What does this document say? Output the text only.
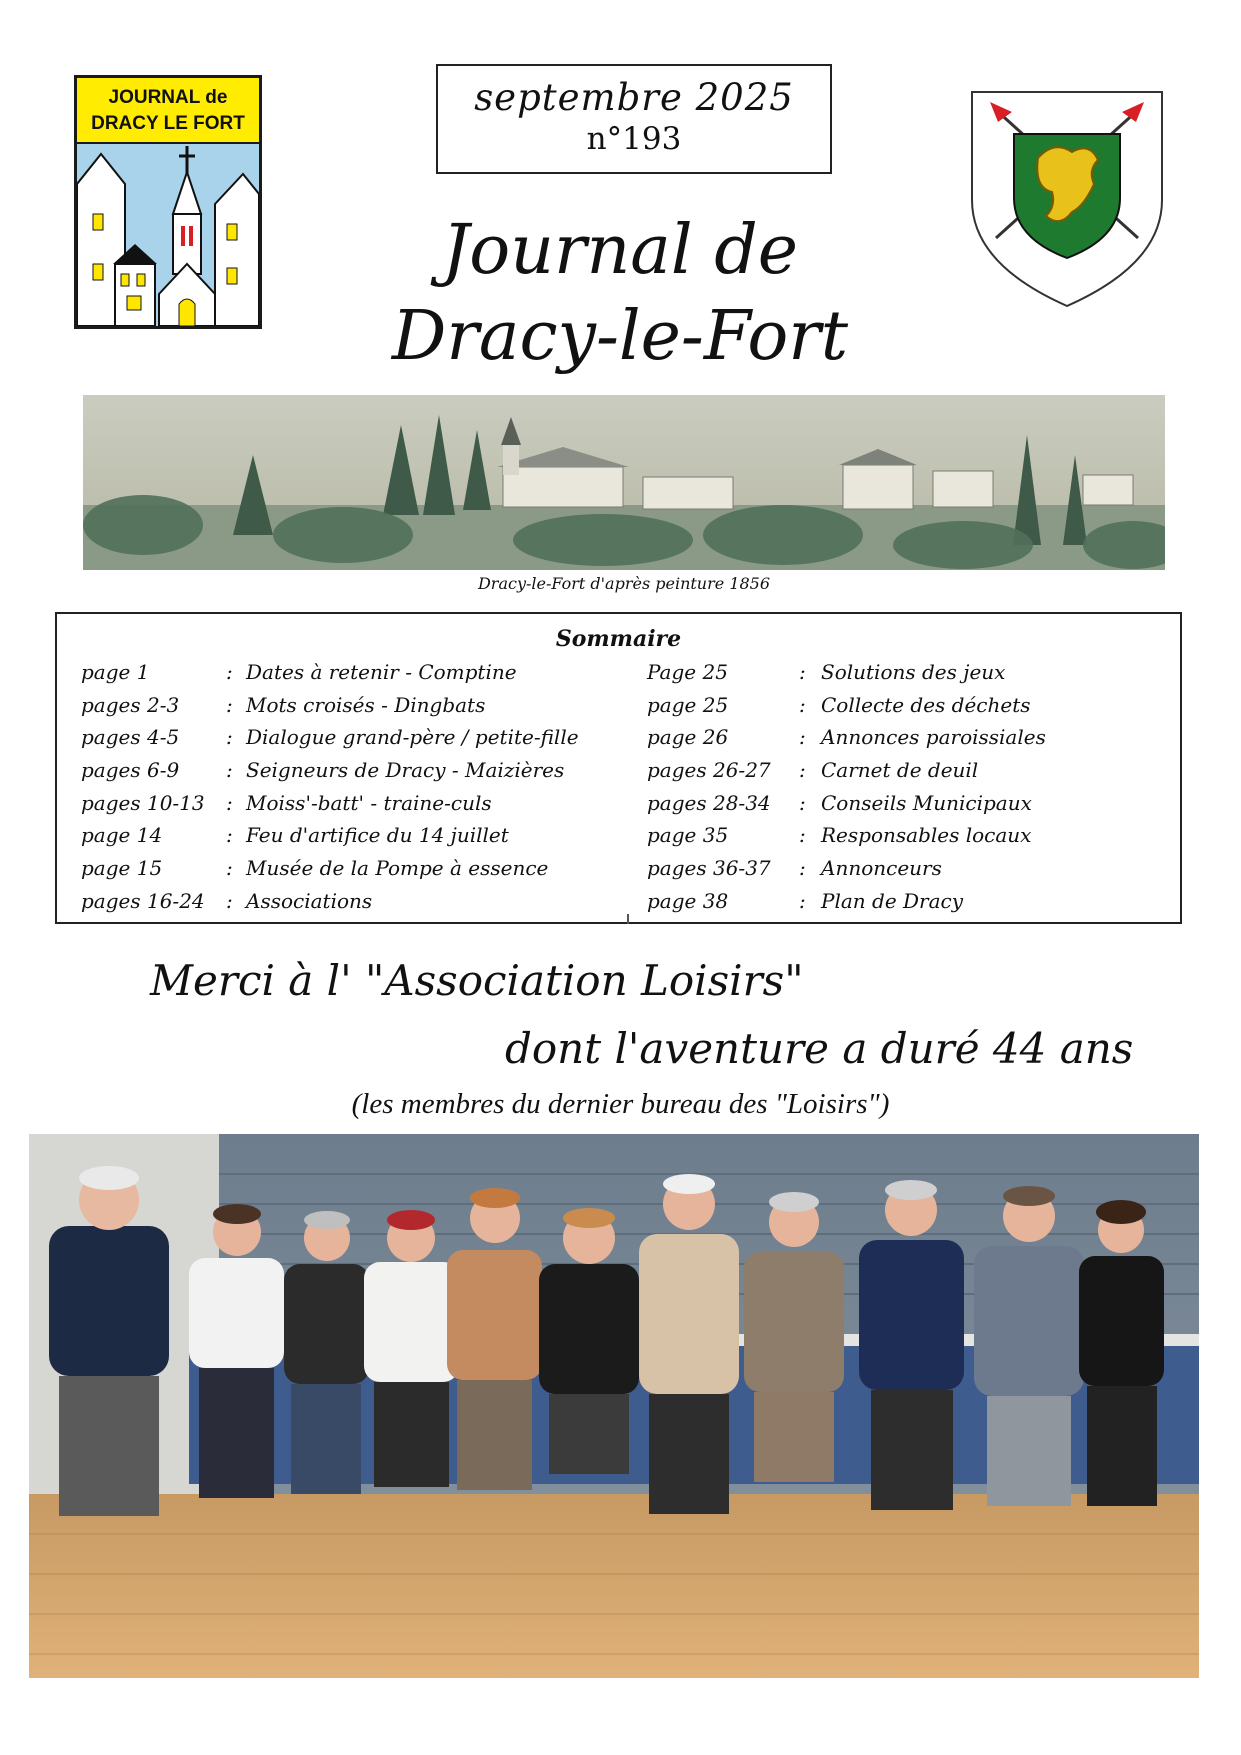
JOURNAL de
DRACY LE FORT
septembre 2025
n°193
Journal de
Dracy-le-Fort
Dracy-le-Fort d'après peinture 1856
Sommaire
page 1	: Dates à retenir - Comptine
pages 2-3 : Mots croisés - Dingbats
pages 4-5 : Dialogue grand-père / petite-fille
pages 6-9 : Seigneurs de Dracy - Maizières
pages 10-13 : Moiss'-batt' - traine-culs
page 14	: Feu d'artifice du 14 juillet
page 15	: Musée de la Pompe à essence
pages 16-24 : Associations
Page 25	: Solutions des jeux
page 25	: Collecte des déchets
page 26	: Annonces paroissiales
pages 26-27 : Carnet de deuil
pages 28-34 : Conseils Municipaux
page 35	: Responsables locaux
pages 36-37 : Annonceurs
page 38	: Plan de Dracy
Merci à l' "Association Loisirs"
dont l'aventure a duré 44 ans
(les membres du dernier bureau des "Loisirs")
